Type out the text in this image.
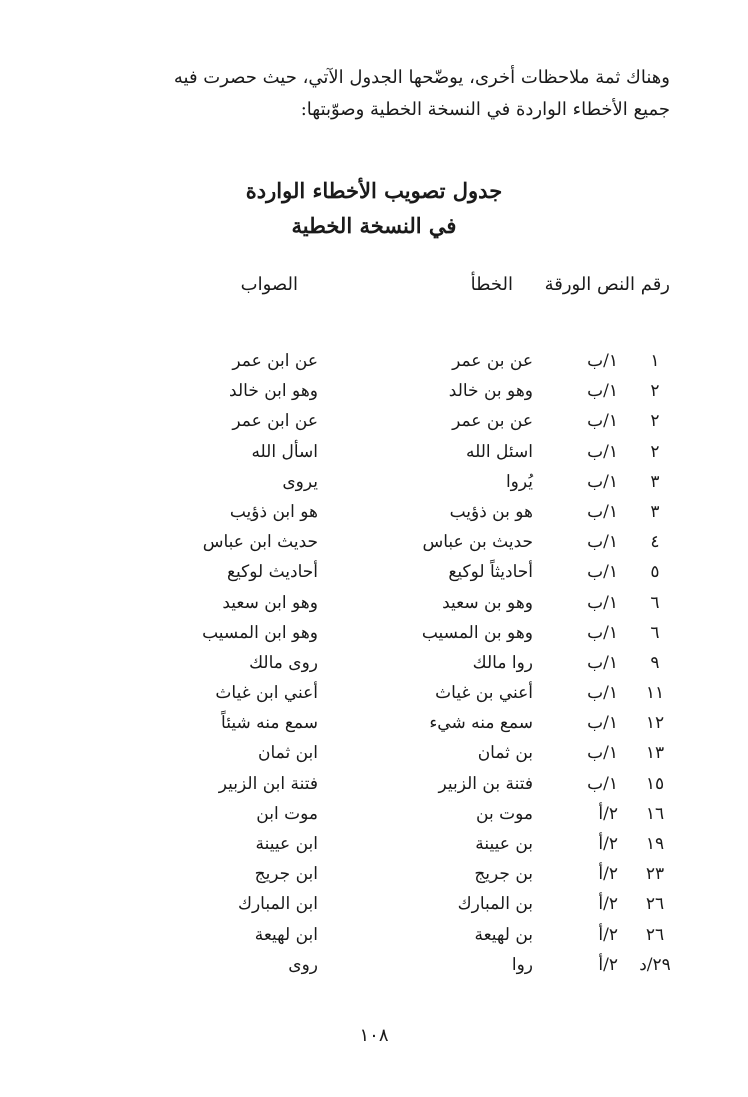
وهناك ثمة ملاحظات أخرى، يوضّحها الجدول الآتي، حيث حصرت فيه

جميع الأخطاء الواردة في النسخة الخطية وصوّبتها:

جدول تصويب الأخطاء الواردة
في النسخة الخطية
رقم النص الورقة
الخطأ
الصواب
١
١/ب
عن بن عمر
عن ابن عمر
٢
١/ب
وهو بن خالد
وهو ابن خالد
٢
١/ب
عن بن عمر
عن ابن عمر
٢
١/ب
اسئل الله
اسأل الله
٣
١/ب
يُروا
يروى
٣
١/ب
هو بن ذؤيب
هو ابن ذؤيب
٤
١/ب
حديث بن عباس
حديث ابن عباس
٥
١/ب
أحاديثاً لوكيع
أحاديث لوكيع
٦
١/ب
وهو بن سعيد
وهو ابن سعيد
٦
١/ب
وهو بن المسيب
وهو ابن المسيب
٩
١/ب
روا مالك
روى مالك
١١
١/ب
أعني بن غياث
أعني ابن غياث
١٢
١/ب
سمع منه شيء
سمع منه شيئاً
١٣
١/ب
بن ثمان
ابن ثمان
١٥
١/ب
فتنة بن الزبير
فتنة ابن الزبير
١٦
٢/أ
موت بن
موت ابن
١٩
٢/أ
بن عيينة
ابن عيينة
٢٣
٢/أ
بن جريج
ابن جريج
٢٦
٢/أ
بن المبارك
ابن المبارك
٢٦
٢/أ
بن لهيعة
ابن لهيعة
٢٩/د
٢/أ
روا
روى
١٠٨
